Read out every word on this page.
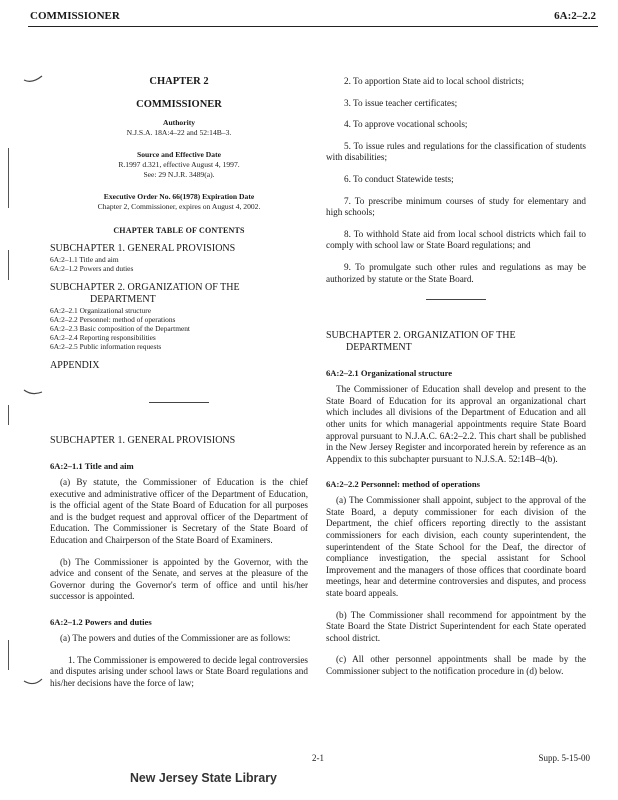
COMMISSIONER	6A:2–2.2
CHAPTER 2
COMMISSIONER
Authority
N.J.S.A. 18A:4–22 and 52:14B–3.
Source and Effective Date
R.1997 d.321, effective August 4, 1997.
See: 29 N.J.R. 3489(a).
Executive Order No. 66(1978) Expiration Date
Chapter 2, Commissioner, expires on August 4, 2002.
CHAPTER TABLE OF CONTENTS
SUBCHAPTER 1. GENERAL PROVISIONS
6A:2–1.1 Title and aim
6A:2–1.2 Powers and duties
SUBCHAPTER 2. ORGANIZATION OF THE
DEPARTMENT
6A:2–2.1 Organizational structure
6A:2–2.2 Personnel: method of operations
6A:2–2.3 Basic composition of the Department
6A:2–2.4 Reporting responsibilities
6A:2–2.5 Public information requests
APPENDIX
SUBCHAPTER 1. GENERAL PROVISIONS
6A:2–1.1 Title and aim

(a) By statute, the Commissioner of Education is the chief executive and administrative officer of the Department of Education, is the official agent of the State Board of Education for all purposes and is the budget request and approval officer of the Department of Education. The Commissioner is Secretary of the State Board of Education and Chairperson of the State Board of Examiners.

(b) The Commissioner is appointed by the Governor, with the advice and consent of the Senate, and serves at the pleasure of the Governor during the Governor's term of office and until his/her successor is appointed.

6A:2–1.2 Powers and duties

(a) The powers and duties of the Commissioner are as follows:

1. The Commissioner is empowered to decide legal controversies and disputes arising under school laws or State Board regulations and his/her decisions have the force of law;

2. To apportion State aid to local school districts;

3. To issue teacher certificates;

4. To approve vocational schools;

5. To issue rules and regulations for the classification of students with disabilities;

6. To conduct Statewide tests;

7. To prescribe minimum courses of study for elementary and high schools;

8. To withhold State aid from local school districts which fail to comply with school law or State Board regulations; and

9. To promulgate such other rules and regulations as may be authorized by statute or the State Board.

SUBCHAPTER 2. ORGANIZATION OF THE
DEPARTMENT
6A:2–2.1 Organizational structure

The Commissioner of Education shall develop and present to the State Board of Education for its approval an organizational chart which includes all divisions of the Department of Education and all other units for which managerial appointments require State Board approval pursuant to N.J.A.C. 6A:2–2.2. This chart shall be published in the New Jersey Register and incorporated herein by reference as an Appendix to this subchapter pursuant to N.J.S.A. 52:14B–4(b).

6A:2–2.2 Personnel: method of operations

(a) The Commissioner shall appoint, subject to the approval of the State Board, a deputy commissioner for each division of the Department, the chief officers reporting directly to the assistant commissioners for each division, each county superintendent, the superintendent of the State School for the Deaf, the director of compliance investigation, the special assistant for School Improvement and the managers of those offices that coordinate board meetings, hear and determine controversies and disputes, and process state board appeals.

(b) The Commissioner shall recommend for appointment by the State Board the State District Superintendent for each State operated school district.

(c) All other personnel appointments shall be made by the Commissioner subject to the notification procedure in (d) below.

2-1	Supp. 5-15-00
New Jersey State Library
